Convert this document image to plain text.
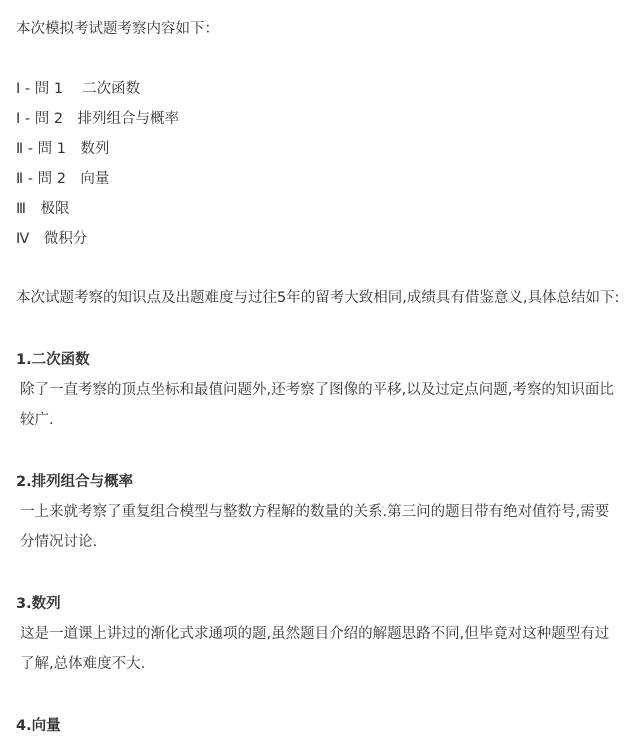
本次模拟考试题考察内容如下：
Ⅰ - 問 1　 二次函数
Ⅰ - 問 2　排列组合与概率
Ⅱ - 問 1　数列
Ⅱ - 問 2　向量
Ⅲ　极限
Ⅳ　微积分
本次试题考察的知识点及出题难度与过往5年的留考大致相同,成绩具有借鉴意义,具体总结如下:
1.二次函数
除了一直考察的顶点坐标和最值问题外,还考察了图像的平移,以及过定点问题,考察的知识面比较广.
2.排列组合与概率
一上来就考察了重复组合模型与整数方程解的数量的关系.第三问的题目带有绝对值符号,需要分情况讨论.
3.数列
这是一道课上讲过的渐化式求通项的题,虽然题目介绍的解题思路不同,但毕竟对这种题型有过了解,总体难度不大.
4.向量
